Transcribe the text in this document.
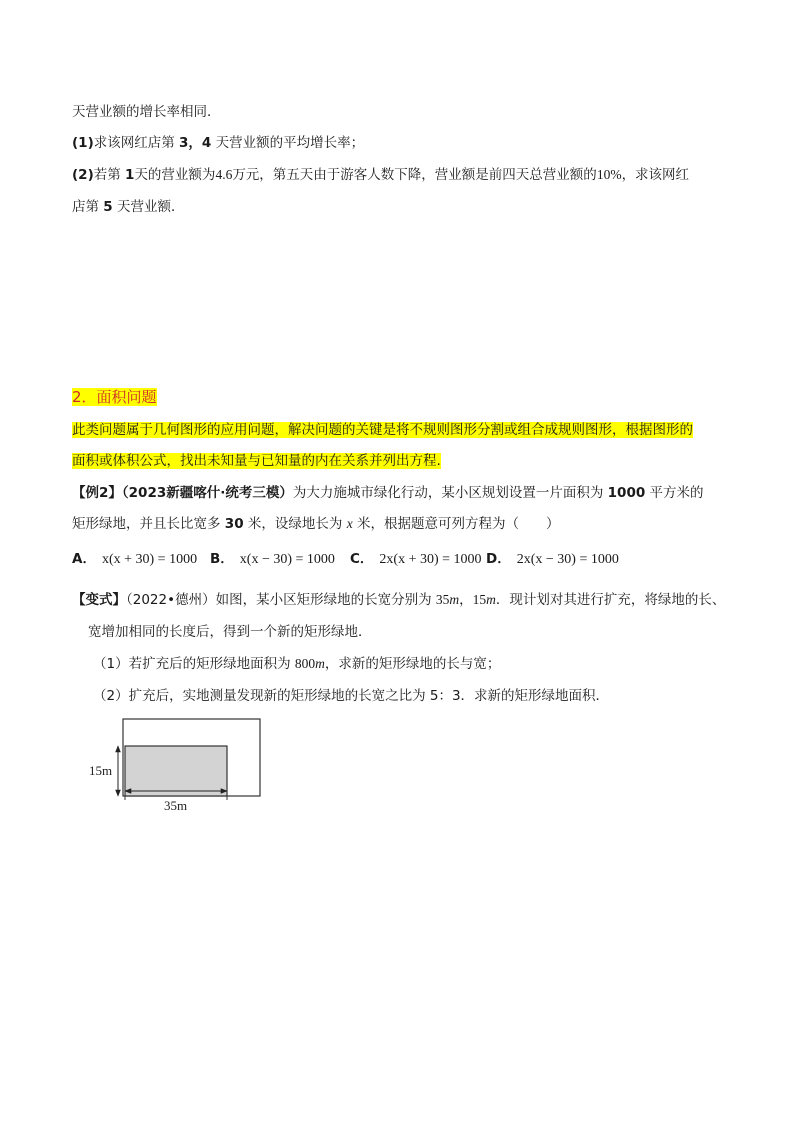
天营业额的增长率相同．
(1)求该网红店第 3，4 天营业额的平均增长率；
(2)若第 1天的营业额为4.6万元，第五天由于游客人数下降，营业额是前四天总营业额的10%，求该网红
店第 5 天营业额．
2．面积问题
此类问题属于几何图形的应用问题，解决问题的关键是将不规则图形分割或组合成规则图形，根据图形的
面积或体积公式，找出未知量与已知量的内在关系并列出方程.
【例2】（2023新疆喀什·统考三模）为大力施城市绿化行动，某小区规划设置一片面积为 1000 平方米的
矩形绿地，并且长比宽多 30 米，设绿地长为 x 米，根据题意可列方程为（　　）
A． x(x + 30) = 1000 B． x(x − 30) = 1000 C． 2x(x + 30) = 1000 D． 2x(x − 30) = 1000
【变式】（2022•德州）如图，某小区矩形绿地的长宽分别为 35m，15m．现计划对其进行扩充，将绿地的长、
宽增加相同的长度后，得到一个新的矩形绿地．
（1）若扩充后的矩形绿地面积为 800m，求新的矩形绿地的长与宽；
（2）扩充后，实地测量发现新的矩形绿地的长宽之比为 5：3．求新的矩形绿地面积．
15m
35m
